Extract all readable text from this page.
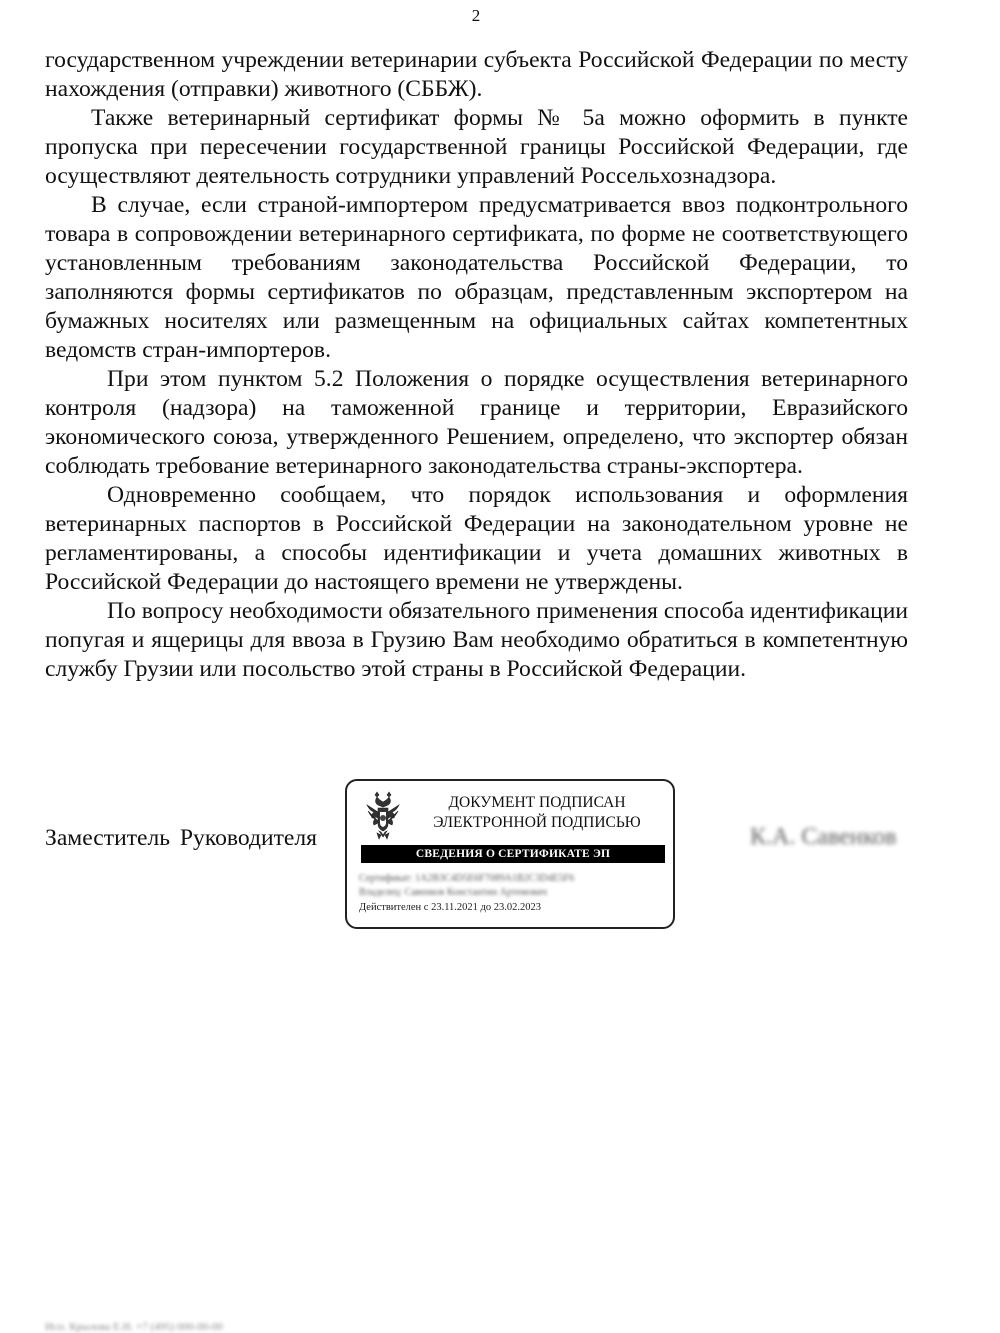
2

государственном учреждении ветеринарии субъекта Российской Федерации по месту нахождения (отправки) животного (СББЖ).

Также ветеринарный сертификат формы № 5а можно оформить в пункте пропуска при пересечении государственной границы Российской Федерации, где осуществляют деятельность сотрудники управлений Россельхознадзора.

В случае, если страной-импортером предусматривается ввоз подконтрольного товара в сопровождении ветеринарного сертификата, по форме не соответствующего установленным требованиям законодательства Российской Федерации, то заполняются формы сертификатов по образцам, представленным экспортером на бумажных носителях или размещенным на официальных сайтах компетентных ведомств стран-импортеров.

При этом пунктом 5.2 Положения о порядке осуществления ветеринарного контроля (надзора) на таможенной границе и территории, Евразийского экономического союза, утвержденного Решением, определено, что экспортер обязан соблюдать требование ветеринарного законодательства страны-экспортера.

Одновременно сообщаем, что порядок использования и оформления ветеринарных паспортов в Российской Федерации на законодательном уровне не регламентированы, а способы идентификации и учета домашних животных в Российской Федерации до настоящего времени не утверждены.

По вопросу необходимости обязательного применения способа идентификации попугая и ящерицы для ввоза в Грузию Вам необходимо обратиться в компетентную службу Грузии или посольство этой страны в Российской Федерации.

Заместитель Руководителя
ДОКУМЕНТ ПОДПИСАН
ЭЛЕКТРОННОЙ ПОДПИСЬЮ
СВЕДЕНИЯ О СЕРТИФИКАТЕ ЭП
Сертификат: 1А2В3С4D5E6F7089A1B2C3D4E5F6
Владелец: Савенков Константин Артемович
Действителен с 23.11.2021 до 23.02.2023
К.А. Савенков
Исп. Крылова Е.Н. +7 (495) 000-00-00
